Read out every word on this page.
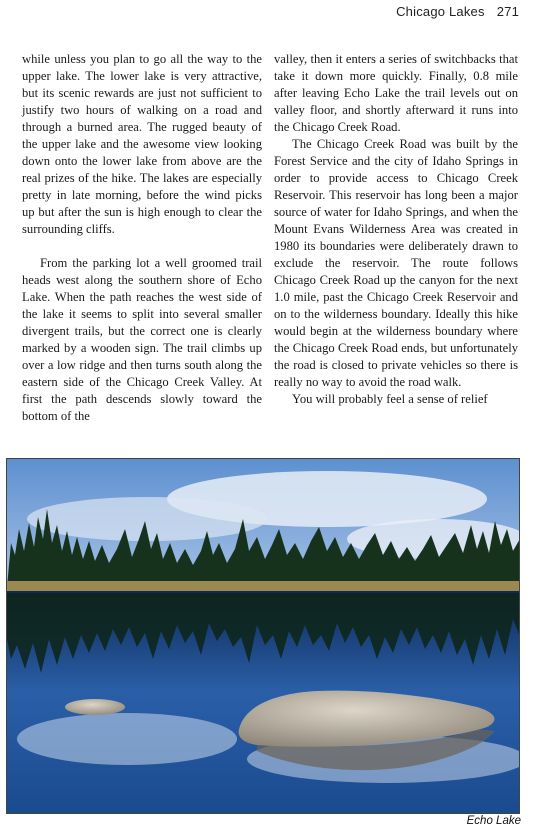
Chicago Lakes 271

while unless you plan to go all the way to the upper lake. The lower lake is very attractive, but its scenic rewards are just not sufficient to justify two hours of walking on a road and through a burned area. The rugged beauty of the upper lake and the awesome view looking down onto the lower lake from above are the real prizes of the hike. The lakes are especially pretty in late morning, before the wind picks up but after the sun is high enough to clear the surrounding cliffs.

From the parking lot a well groomed trail heads west along the southern shore of Echo Lake. When the path reaches the west side of the lake it seems to split into several smaller divergent trails, but the correct one is clearly marked by a wooden sign. The trail climbs up over a low ridge and then turns south along the eastern side of the Chicago Creek Valley. At first the path descends slowly toward the bottom of the

valley, then it enters a series of switchbacks that take it down more quickly. Finally, 0.8 mile after leaving Echo Lake the trail levels out on valley floor, and shortly afterward it runs into the Chicago Creek Road.

The Chicago Creek Road was built by the Forest Service and the city of Idaho Springs in order to provide access to Chicago Creek Reservoir. This reservoir has long been a major source of water for Idaho Springs, and when the Mount Evans Wilderness Area was created in 1980 its boundaries were deliberately drawn to exclude the reservoir. The route follows Chicago Creek Road up the canyon for the next 1.0 mile, past the Chicago Creek Reservoir and on to the wilderness boundary. Ideally this hike would begin at the wilderness boundary where the Chicago Creek Road ends, but unfortunately the road is closed to private vehicles so there is really no way to avoid the road walk.

You will probably feel a sense of relief

Echo Lake
